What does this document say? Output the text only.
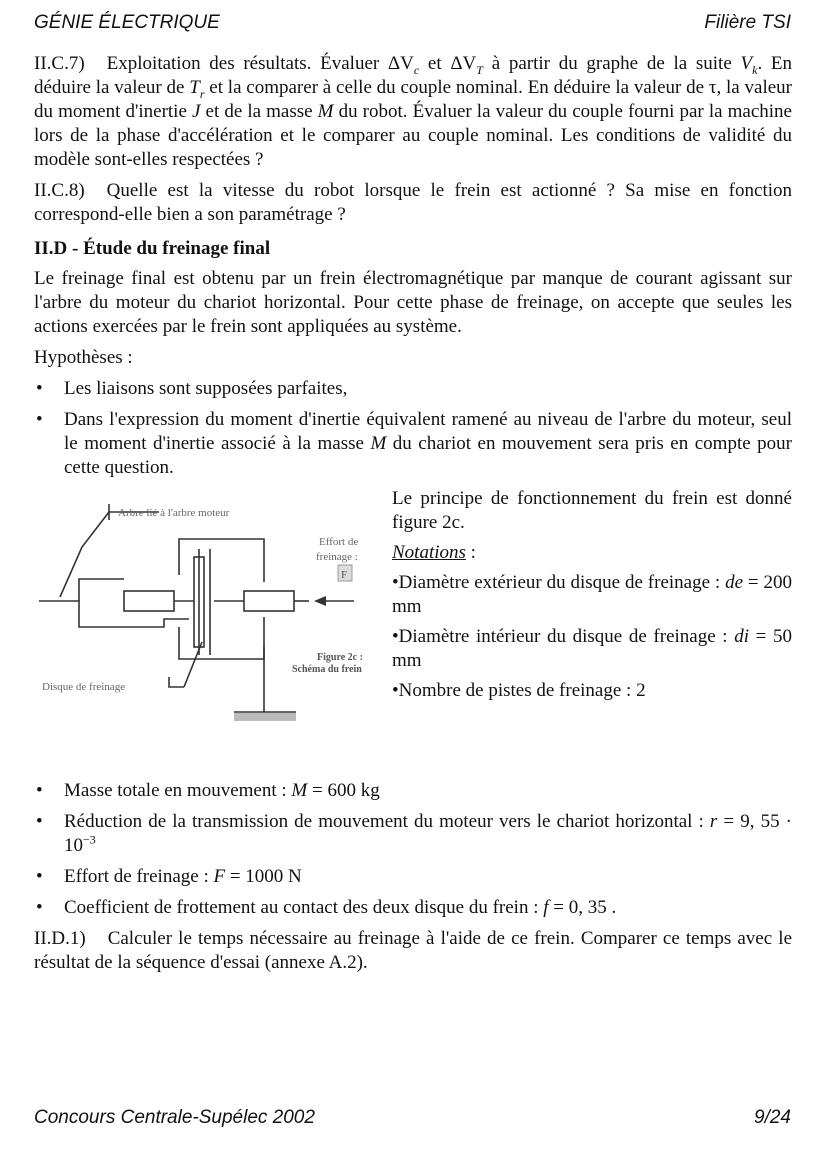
GÉNIE ÉLECTRIQUE	Filière TSI

II.C.7) Exploitation des résultats. Évaluer $\Delta V_c$ et $\Delta V_T$ à partir du graphe de la suite $V_k$. En déduire la valeur de $T_r$ et la comparer à celle du couple nominal. En déduire la valeur de τ, la valeur du moment d'inertie J et de la masse M du robot. Évaluer la valeur du couple fourni par la machine lors de la phase d'accélération et le comparer au couple nominal. Les conditions de validité du modèle sont-elles respectées ?

II.C.8) Quelle est la vitesse du robot lorsque le frein est actionné ? Sa mise en fonction correspond-elle bien a son paramétrage ?

II.D - Étude du freinage final

Le freinage final est obtenu par un frein électromagnétique par manque de courant agissant sur l'arbre du moteur du chariot horizontal. Pour cette phase de freinage, on accepte que seules les actions exercées par le frein sont appliquées au système.

Hypothèses :

• Les liaisons sont supposées parfaites,
• Dans l'expression du moment d'inertie équivalent ramené au niveau de l'arbre du moteur, seul le moment d'inertie associé à la masse M du chariot en mouvement sera pris en compte pour cette question.
Arbre lié à l'arbre moteur
Effort de
freinage :
F
Figure 2c :
Schéma du frein
Disque de freinage

Le principe de fonctionnement du frein est donné figure 2c.

Notations :

•Diamètre extérieur du disque de freinage : de = 200 mm

•Diamètre intérieur du disque de freinage : di = 50 mm

•Nombre de pistes de freinage : 2

• Masse totale en mouvement : M = 600 kg
• Réduction de la transmission de mouvement du moteur vers le chariot horizontal : r = 9, $55 \cdot 10^{-3}$
• Effort de freinage : F = 1000 N
• Coefficient de frottement au contact des deux disque du frein : f = 0, 35 .

II.D.1) Calculer le temps nécessaire au freinage à l'aide de ce frein. Comparer ce temps avec le résultat de la séquence d'essai (annexe A.2).

Concours Centrale-Supélec 2002	9/24
